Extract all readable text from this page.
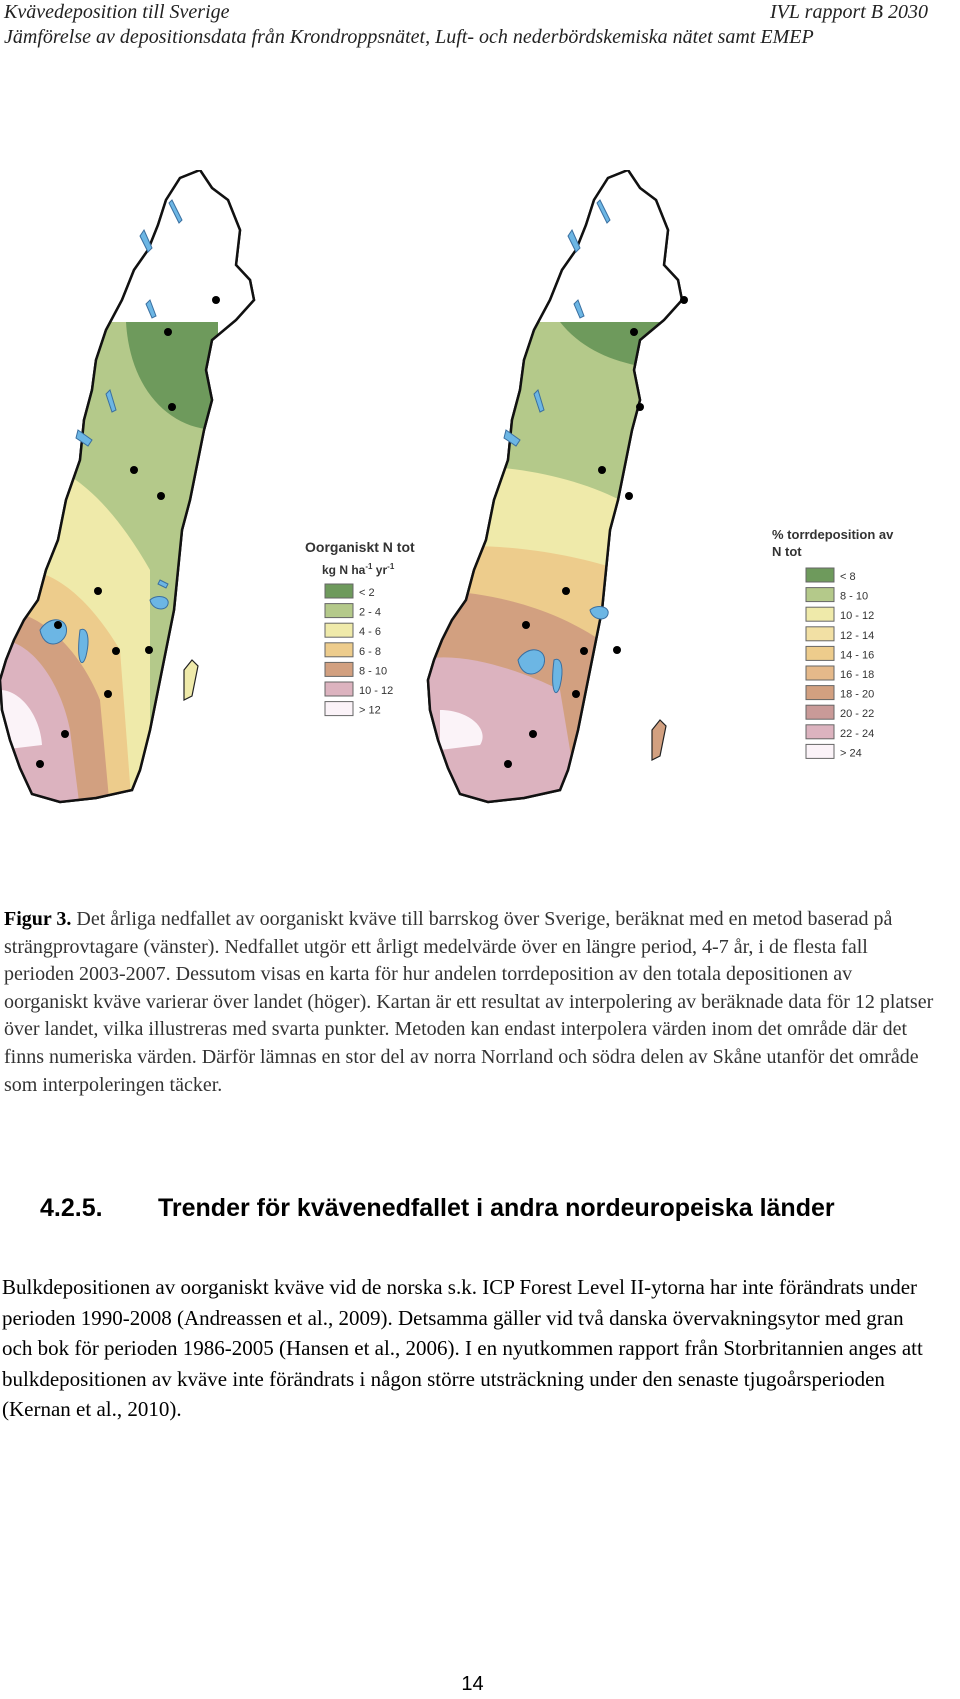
Kvävedeposition till Sverige
Jämförelse av depositionsdata från Krondroppsnätet, Luft- och nederbördskemiska nätet samt EMEP
IVL rapport B 2030
Oorganiskt N tot
kg N $ha^{-1}$ $yr^{-1}$
< 2
2 - 4
4 - 6
6 - 8
8 - 10
10 - 12
> 12
% torrdeposition av
N tot
< 8
8 - 10
10 - 12
12 - 14
14 - 16
16 - 18
18 - 20
20 - 22
22 - 24
> 24
Figur 3. Det årliga nedfallet av oorganiskt kväve till barrskog över Sverige, beräknat med en metod baserad på strängprovtagare (vänster). Nedfallet utgör ett årligt medelvärde över en längre period, 4-7 år, i de flesta fall perioden 2003-2007. Dessutom visas en karta för hur andelen torrdeposition av den totala depositionen av oorganiskt kväve varierar över landet (höger). Kartan är ett resultat av interpolering av beräknade data för 12 platser över landet, vilka illustreras med svarta punkter. Metoden kan endast interpolera värden inom det område där det finns numeriska värden. Därför lämnas en stor del av norra Norrland och södra delen av Skåne utanför det område som interpoleringen täcker.
4.2.5.	Trender för kvävenedfallet i andra nordeuropeiska länder
Bulkdepositionen av oorganiskt kväve vid de norska s.k. ICP Forest Level II-ytorna har inte förändrats under perioden 1990-2008 (Andreassen et al., 2009). Detsamma gäller vid två danska övervakningsytor med gran och bok för perioden 1986-2005 (Hansen et al., 2006). I en nyutkommen rapport från Storbritannien anges att bulkdepositionen av kväve inte förändrats i någon större utsträckning under den senaste tjugoårsperioden (Kernan et al., 2010).
14
